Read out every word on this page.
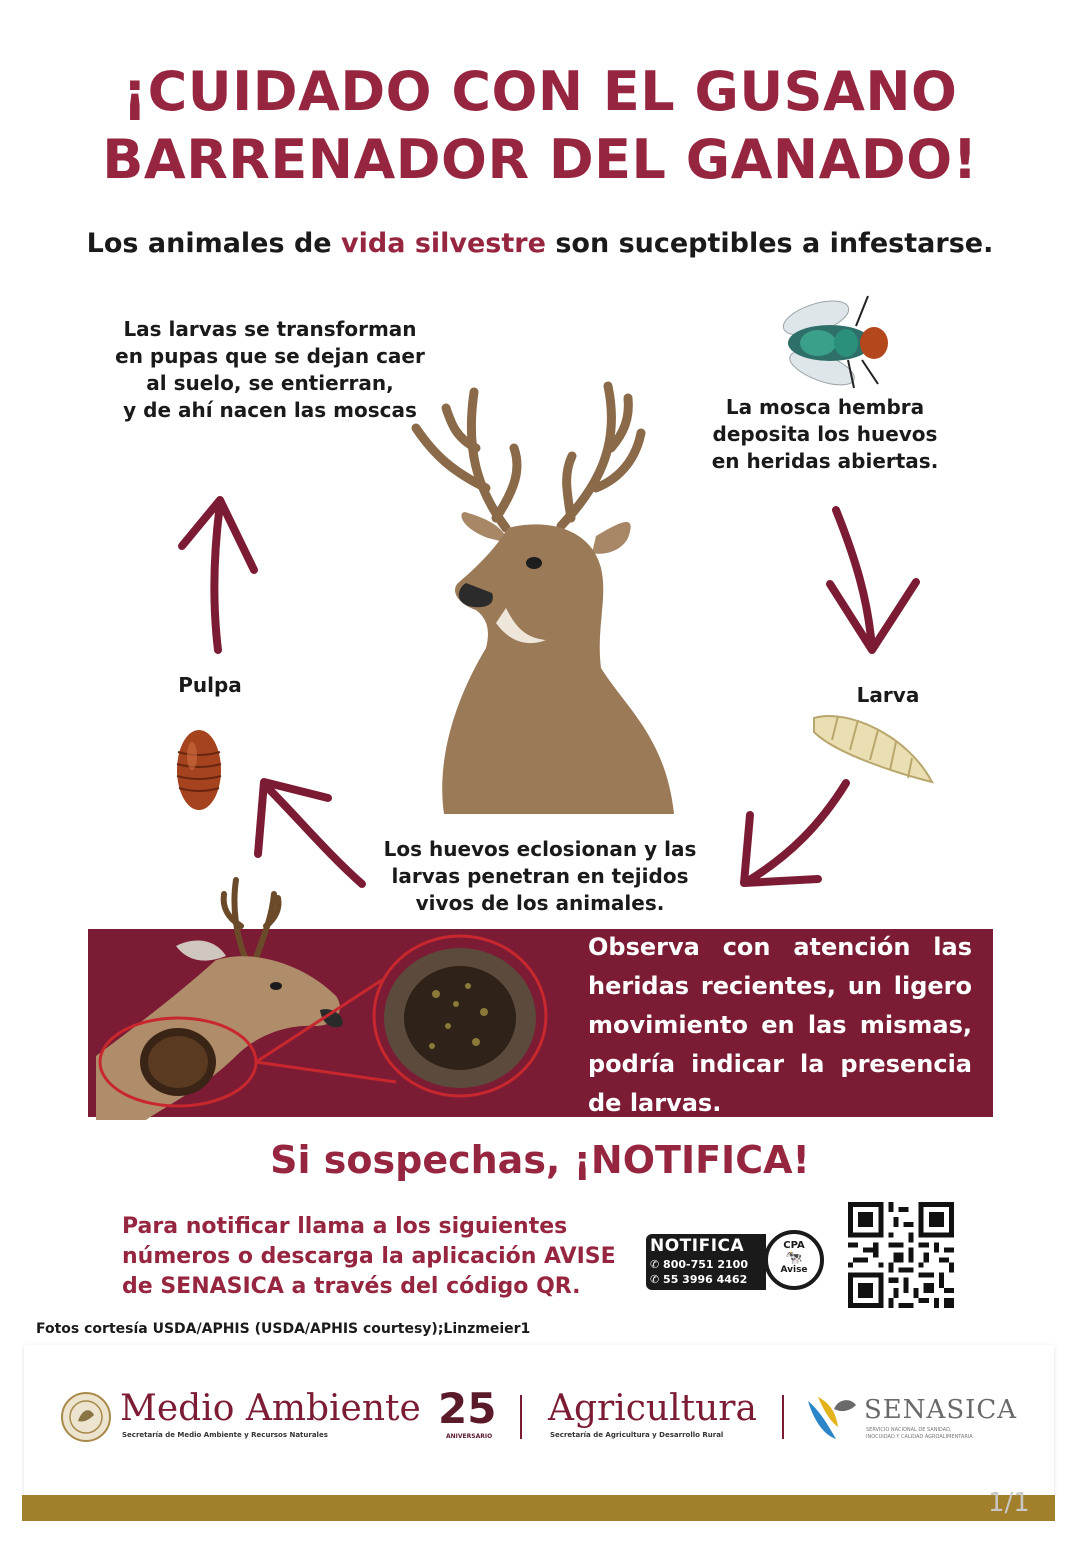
¡CUIDADO CON EL GUSANO
BARRENADOR DEL GANADO!
Los animales de vida silvestre son suceptibles a infestarse.
Las larvas se transforman
en pupas que se dejan caer
al suelo, se entierran,
y de ahí nacen las moscas	La mosca hembra
deposita los huevos
en heridas abiertas.
Pulpa	Larva
Los huevos eclosionan y las
larvas penetran en tejidos
vivos de los animales.
Observa con atención las heridas recientes, un ligero movimiento en las mismas, podría indicar la presencia de larvas.
Si sospechas, ¡NOTIFICA!
Para notificar llama a los siguientes
números o descarga la aplicación AVISE
de SENASICA a través del código QR.
NOTIFICA
✆ 800-751 2100
✆ 55 3996 4462
CPA
🐄
Avise
Fotos cortesía USDA/APHIS (USDA/APHIS courtesy);Linzmeier1
Medio Ambiente
Secretaría de Medio Ambiente y Recursos Naturales
25
ANIVERSARIO
Agricultura
Secretaría de Agricultura y Desarrollo Rural
SENASICA
SERVICIO NACIONAL DE SANIDAD,
INOCUIDAD Y CALIDAD AGROALIMENTARIA
1/1
